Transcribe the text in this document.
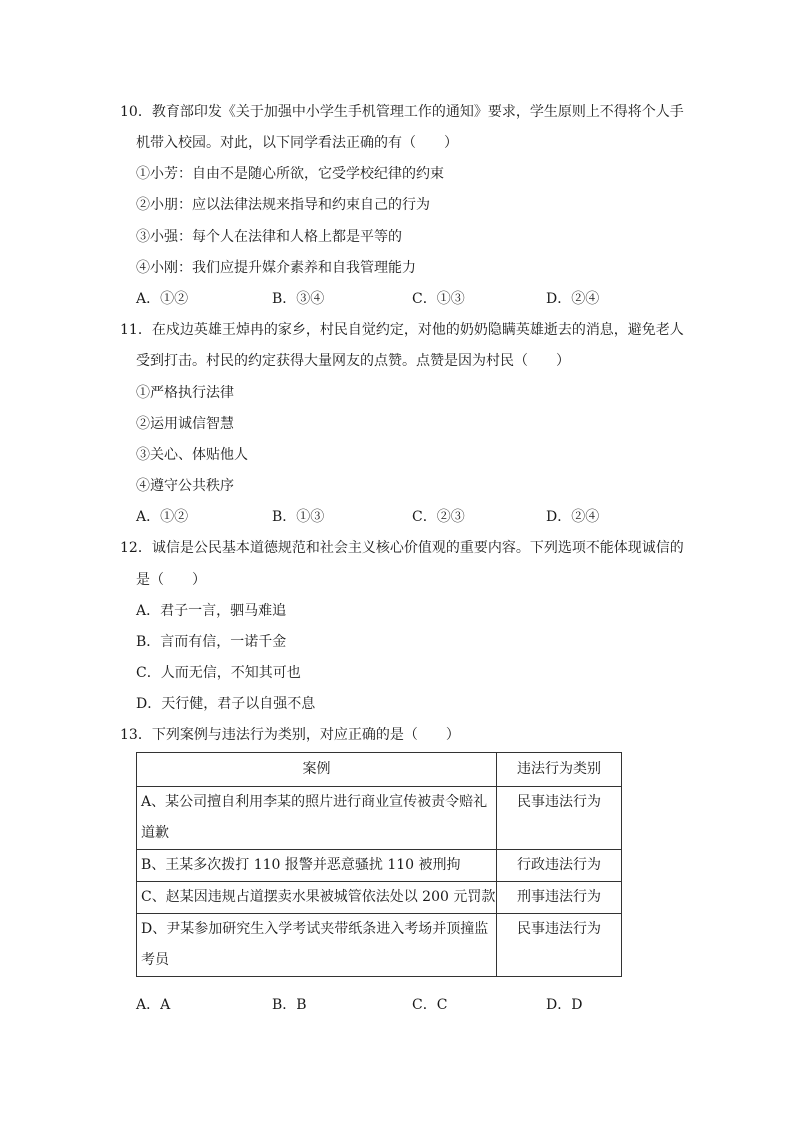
10．教育部印发《关于加强中小学生手机管理工作的通知》要求，学生原则上不得将个人手
机带入校园。对此，以下同学看法正确的有（　　）
①小芳：自由不是随心所欲，它受学校纪律的约束
②小朋：应以法律法规来指导和约束自己的行为
③小强：每个人在法律和人格上都是平等的
④小刚：我们应提升媒介素养和自我管理能力
A．①②	B．③④	C．①③	D．②④
11．在戍边英雄王焯冉的家乡，村民自觉约定，对他的奶奶隐瞒英雄逝去的消息，避免老人
受到打击。村民的约定获得大量网友的点赞。点赞是因为村民（　　）
①严格执行法律
②运用诚信智慧
③关心、体贴他人
④遵守公共秩序
A．①②	B．①③	C．②③	D．②④
12．诚信是公民基本道德规范和社会主义核心价值观的重要内容。下列选项不能体现诚信的
是（　　）
A．君子一言，驷马难追
B．言而有信，一诺千金
C．人而无信，不知其可也
D．天行健，君子以自强不息
13．下列案例与违法行为类别，对应正确的是（　　）
案例	违法行为类别

A、某公司擅自利用李某的照片进行商业宣传被责令赔礼
道歉	民事违法行为

B、王某多次拨打 110 报警并恶意骚扰 110 被刑拘	行政违法行为

C、赵某因违规占道摆卖水果被城管依法处以 200 元罚款	刑事违法行为

D、尹某参加研究生入学考试夹带纸条进入考场并顶撞监
考员	民事违法行为
A．A	B．B	C．C	D．D
